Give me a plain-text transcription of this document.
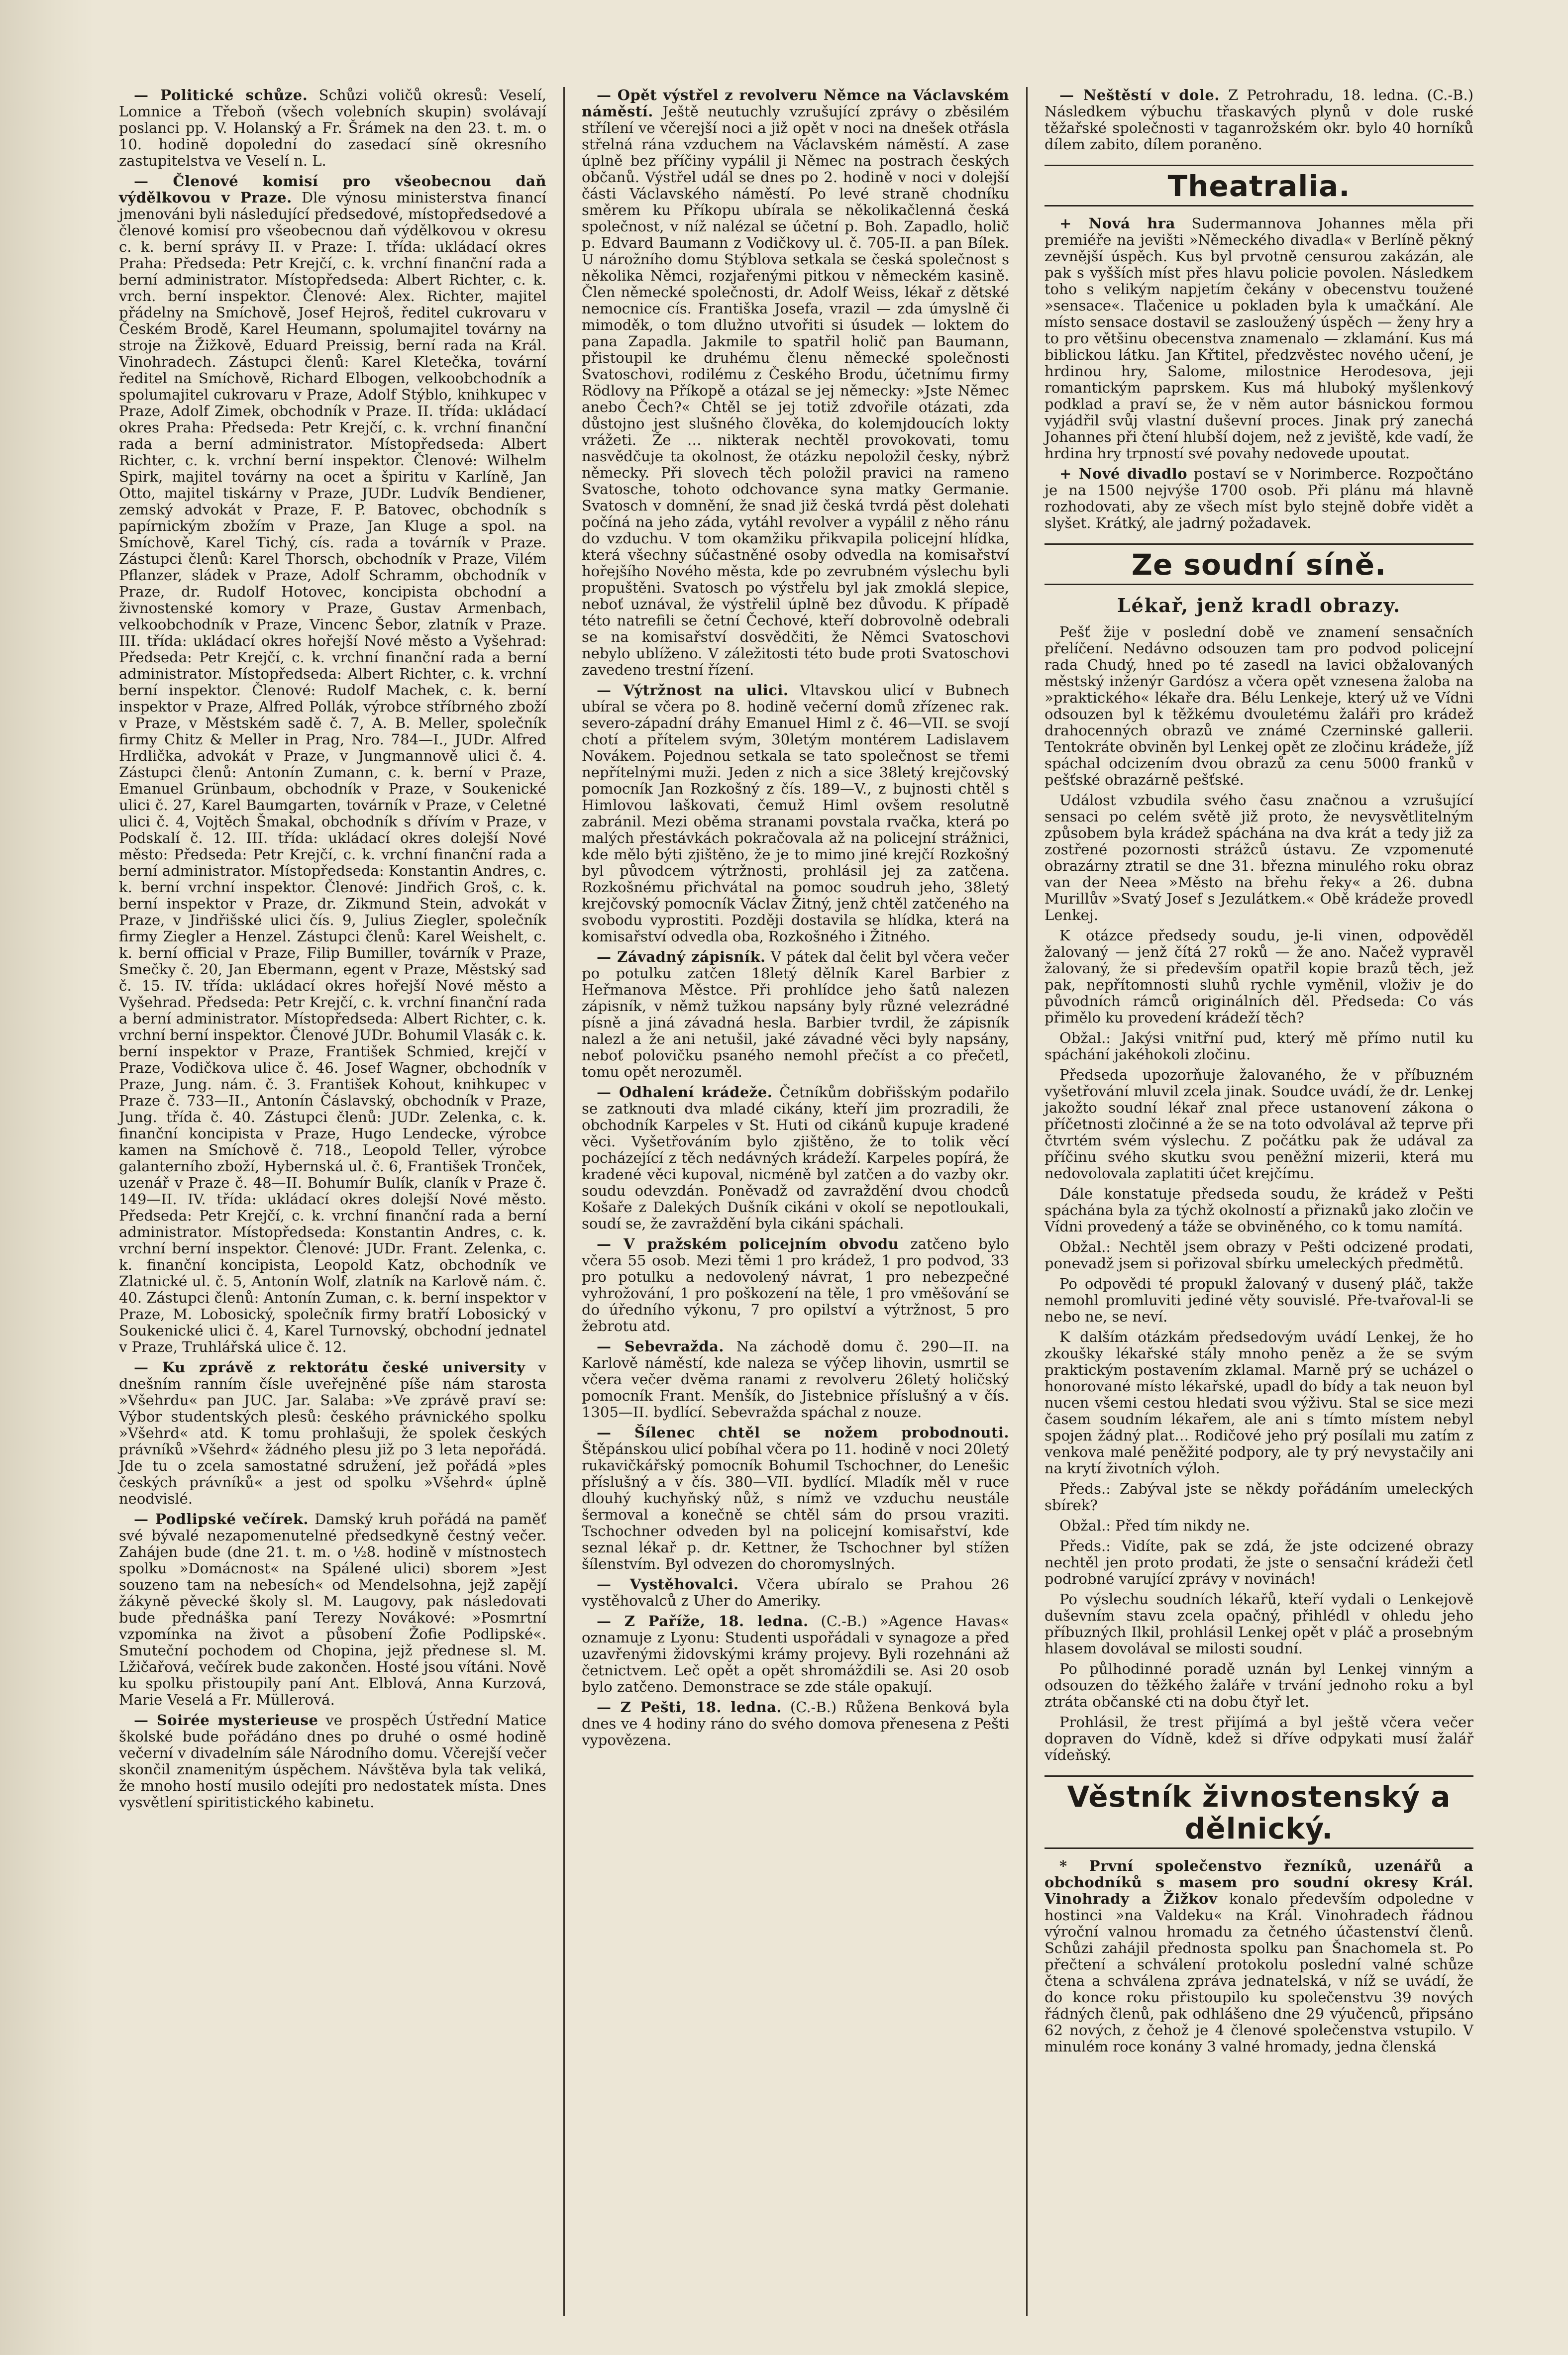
— Politické schůze. Schůzi voličů okresů: Veselí, Lomnice a Třeboň (všech volebních skupin) svolávají poslanci pp. V. Holanský a Fr. Šrámek na den 23. t. m. o 10. hodině dopolední do zasedací síně okresního zastupitelstva ve Veselí n. L.

— Členové komisí pro všeobecnou daň výdělkovou v Praze. Dle výnosu ministerstva financí jmenováni byli následující předsedové, místopředsedové a členové komisí pro všeobecnou daň výdělkovou v okresu c. k. berní správy II. v Praze: I. třída: ukládací okres Praha: Předseda: Petr Krejčí, c. k. vrchní finanční rada a berní administrator. Místopředseda: Albert Richter, c. k. vrch. berní inspektor. Členové: Alex. Richter, majitel přádelny na Smíchově, Josef Hejroš, ředitel cukrovaru v Českém Brodě, Karel Heumann, spolumajitel továrny na stroje na Žižkově, Eduard Preissig, berní rada na Král. Vinohradech. Zástupci členů: Karel Kletečka, tovární ředitel na Smíchově, Richard Elbogen, velkoobchodník a spolumajitel cukrovaru v Praze, Adolf Stýblo, knihkupec v Praze, Adolf Zimek, obchodník v Praze. II. třída: ukládací okres Praha: Předseda: Petr Krejčí, c. k. vrchní finanční rada a berní administrator. Místopředseda: Albert Richter, c. k. vrchní berní inspektor. Členové: Wilhelm Spirk, majitel továrny na ocet a špiritu v Karlíně, Jan Otto, majitel tiskárny v Praze, JUDr. Ludvík Bendiener, zemský advokát v Praze, F. P. Batovec, obchodník s papírnickým zbožím v Praze, Jan Kluge a spol. na Smíchově, Karel Tichý, cís. rada a továrník v Praze. Zástupci členů: Karel Thorsch, obchodník v Praze, Vilém Pflanzer, sládek v Praze, Adolf Schramm, obchodník v Praze, dr. Rudolf Hotovec, koncipista obchodní a živnostenské komory v Praze, Gustav Armenbach, velkoobchodník v Praze, Vincenc Šebor, zlatník v Praze. III. třída: ukládací okres hořejší Nové město a Vyšehrad: Předseda: Petr Krejčí, c. k. vrchní finanční rada a berní administrator. Místopředseda: Albert Richter, c. k. vrchní berní inspektor. Členové: Rudolf Machek, c. k. berní inspektor v Praze, Alfred Pollák, výrobce stříbrného zboží v Praze, v Městském sadě č. 7, A. B. Meller, společník firmy Chitz & Meller in Prag, Nro. 784—I., JUDr. Alfred Hrdlička, advokát v Praze, v Jungmannově ulici č. 4. Zástupci členů: Antonín Zumann, c. k. berní v Praze, Emanuel Grünbaum, obchodník v Praze, v Soukenické ulici č. 27, Karel Baumgarten, továrník v Praze, v Celetné ulici č. 4, Vojtěch Šmakal, obchodník s dřívím v Praze, v Podskalí č. 12. III. třída: ukládací okres dolejší Nové město: Předseda: Petr Krejčí, c. k. vrchní finanční rada a berní administrator. Místopředseda: Konstantin Andres, c. k. berní vrchní inspektor. Členové: Jindřich Groš, c. k. berní inspektor v Praze, dr. Zikmund Stein, advokát v Praze, v Jindřišské ulici čís. 9, Julius Ziegler, společník firmy Ziegler a Henzel. Zástupci členů: Karel Weishelt, c. k. berní official v Praze, Filip Bumiller, továrník v Praze, Smečky č. 20, Jan Ebermann, egent v Praze, Městský sad č. 15. IV. třída: ukládací okres hořejší Nové město a Vyšehrad. Předseda: Petr Krejčí, c. k. vrchní finanční rada a berní administrator. Místopředseda: Albert Richter, c. k. vrchní berní inspektor. Členové JUDr. Bohumil Vlasák c. k. berní inspektor v Praze, František Schmied, krejčí v Praze, Vodičkova ulice č. 46. Josef Wagner, obchodník v Praze, Jung. nám. č. 3. František Kohout, knihkupec v Praze č. 733—II., Antonín Čáslavský, obchodník v Praze, Jung. třída č. 40. Zástupci členů: JUDr. Zelenka, c. k. finanční koncipista v Praze, Hugo Lendecke, výrobce kamen na Smíchově č. 718., Leopold Teller, výrobce galanterního zboží, Hybernská ul. č. 6, František Tronček, uzenář v Praze č. 48—II. Bohumír Bulík, claník v Praze č. 149—II. IV. třída: ukládací okres dolejší Nové město. Předseda: Petr Krejčí, c. k. vrchní finanční rada a berní administrator. Místopředseda: Konstantin Andres, c. k. vrchní berní inspektor. Členové: JUDr. Frant. Zelenka, c. k. finanční koncipista, Leopold Katz, obchodník ve Zlatnické ul. č. 5, Antonín Wolf, zlatník na Karlově nám. č. 40. Zástupci členů: Antonín Zuman, c. k. berní inspektor v Praze, M. Lobosický, společník firmy bratří Lobosický v Soukenické ulici č. 4, Karel Turnovský, obchodní jednatel v Praze, Truhlářská ulice č. 12.

— Ku zprávě z rektorátu české university v dnešním ranním čísle uveřejněné píše nám starosta »Všehrdu« pan JUC. Jar. Salaba: »Ve zprávě praví se: Výbor studentských plesů: českého právnického spolku »Všehrd« atd. K tomu prohlašuji, že spolek českých právníků »Všehrd« žádného plesu již po 3 leta nepořádá. Jde tu o zcela samostatné sdružení, jež pořádá »ples českých právníků« a jest od spolku »Všehrd« úplně neodvislé.

— Podlipské večírek. Damský kruh pořádá na paměť své bývalé nezapomenutelné předsedkyně čestný večer. Zahájen bude (dne 21. t. m. o ½8. hodině v místnostech spolku »Domácnost« na Spálené ulici) sborem »Jest souzeno tam na nebesích« od Mendelsohna, jejž zapějí žákyně pěvecké školy sl. M. Laugovy, pak následovati bude přednáška paní Terezy Novákové: »Posmrtní vzpomínka na život a působení Žofie Podlipské«. Smuteční pochodem od Chopina, jejž přednese sl. M. Lžičařová, večírek bude zakončen. Hosté jsou vítáni. Nově ku spolku přistoupily paní Ant. Elblová, Anna Kurzová, Marie Veselá a Fr. Müllerová.

— Soirée mysterieuse ve prospěch Ústřední Matice školské bude pořádáno dnes po druhé o osmé hodině večerní v divadelním sále Národního domu. Včerejší večer skončil znamenitým úspěchem. Návštěva byla tak veliká, že mnoho hostí musilo odejíti pro nedostatek místa. Dnes vysvětlení spiritistického kabinetu.

— Opět výstřel z revolveru Němce na Václavském náměstí. Ještě neutuchly vzrušující zprávy o zběsilém střílení ve včerejší noci a již opět v noci na dnešek otřásla střelná rána vzduchem na Václavském náměstí. A zase úplně bez příčiny vypálil ji Němec na postrach českých občanů. Výstřel udál se dnes po 2. hodině v noci v dolejší části Václavského náměstí. Po levé straně chodníku směrem ku Příkopu ubírala se několikačlenná česká společnost, v níž nalézal se účetní p. Boh. Zapadlo, holič p. Edvard Baumann z Vodičkovy ul. č. 705-II. a pan Bílek. U nárožního domu Stýblova setkala se česká společnost s několika Němci, rozjařenými pitkou v německém kasině. Člen německé společnosti, dr. Adolf Weiss, lékař z dětské nemocnice cís. Františka Josefa, vrazil — zda úmyslně či mimoděk, o tom dlužno utvořiti si úsudek — loktem do pana Zapadla. Jakmile to spatřil holič pan Baumann, přistoupil ke druhému členu německé společnosti Svatoschovi, rodilému z Českého Brodu, účetnímu firmy Rödlovy na Příkopě a otázal se jej německy: »Jste Němec anebo Čech?« Chtěl se jej totiž zdvořile otázati, zda důstojno jest slušného člověka, do kolemjdoucích lokty vrážeti. Že … nikterak nechtěl provokovati, tomu nasvědčuje ta okolnost, že otázku nepoložil česky, nýbrž německy. Při slovech těch položil pravici na rameno Svatosche, tohoto odchovance syna matky Germanie. Svatosch v domnění, že snad již česká tvrdá pěst dolehati počíná na jeho záda, vytáhl revolver a vypálil z něho ránu do vzduchu. V tom okamžiku přikvapila policejní hlídka, která všechny súčastněné osoby odvedla na komisařství hořejšího Nového města, kde po zevrubném výslechu byli propuštěni. Svatosch po výstřelu byl jak zmoklá slepice, neboť uznával, že výstřelil úplně bez důvodu. K případě této natrefili se četní Čechové, kteří dobrovolně odebrali se na komisařství dosvědčiti, že Němci Svatoschovi nebylo ublíženo. V záležitosti této bude proti Svatoschovi zavedeno trestní řízení.

— Výtržnost na ulici. Vltavskou ulicí v Bubnech ubíral se včera po 8. hodině večerní domů zřízenec rak. severo-západní dráhy Emanuel Himl z č. 46—VII. se svojí chotí a přítelem svým, 30letým montérem Ladislavem Novákem. Pojednou setkala se tato společnost se třemi nepřítelnými muži. Jeden z nich a sice 38letý krejčovský pomocník Jan Rozkošný z čís. 189—V., z bujnosti chtěl s Himlovou laškovati, čemuž Himl ovšem resolutně zabránil. Mezi oběma stranami povstala rvačka, která po malých přestávkách pokračovala až na policejní strážnici, kde mělo býti zjištěno, že je to mimo jiné krejčí Rozkošný byl původcem výtržnosti, prohlásil jej za zatčena. Rozkošnému přichvátal na pomoc soudruh jeho, 38letý krejčovský pomocník Václav Žitný, jenž chtěl zatčeného na svobodu vyprostiti. Později dostavila se hlídka, která na komisařství odvedla oba, Rozkošného i Žitného.

— Závadný zápisník. V pátek dal čelit byl včera večer po potulku zatčen 18letý dělník Karel Barbier z Heřmanova Městce. Při prohlídce jeho šatů nalezen zápisník, v němž tužkou napsány byly různé velezrádné písně a jiná závadná hesla. Barbier tvrdil, že zápisník nalezl a že ani netušil, jaké závadné věci byly napsány, neboť polovičku psaného nemohl přečíst a co přečetl, tomu opět nerozuměl.

— Odhalení krádeže. Četníkům dobřišským podařilo se zatknouti dva mladé cikány, kteří jim prozradili, že obchodník Karpeles v St. Huti od cikánů kupuje kradené věci. Vyšetřováním bylo zjištěno, že to tolik věcí pocházející z těch nedávných krádeží. Karpeles popírá, že kradené věci kupoval, nicméně byl zatčen a do vazby okr. soudu odevzdán. Poněvadž od zavraždění dvou chodců Košaře z Dalekých Dušník cikáni v okolí se nepotloukali, soudí se, že zavraždění byla cikáni spáchali.

— V pražském policejním obvodu zatčeno bylo včera 55 osob. Mezi těmi 1 pro krádež, 1 pro podvod, 33 pro potulku a nedovolený návrat, 1 pro nebezpečné vyhrožování, 1 pro poškození na těle, 1 pro vměšování se do úředního výkonu, 7 pro opilství a výtržnost, 5 pro žebrotu atd.

— Sebevražda. Na záchodě domu č. 290—II. na Karlově náměstí, kde naleza se výčep lihovin, usmrtil se včera večer dvěma ranami z revolveru 26letý holičský pomocník Frant. Menšík, do Jistebnice příslušný a v čís. 1305—II. bydlící. Sebevražda spáchal z nouze.

— Šílenec chtěl se nožem probodnouti. Štěpánskou ulicí pobíhal včera po 11. hodině v noci 20letý rukavičkářský pomocník Bohumil Tschochner, do Lenešic příslušný a v čís. 380—VII. bydlící. Mladík měl v ruce dlouhý kuchyňský nůž, s nímž ve vzduchu neustále šermoval a konečně se chtěl sám do prsou vraziti. Tschochner odveden byl na policejní komisařství, kde seznal lékař p. dr. Kettner, že Tschochner byl stížen šílenstvím. Byl odvezen do choromyslných.

— Vystěhovalci. Včera ubíralo se Prahou 26 vystěhovalců z Uher do Ameriky.

— Z Paříže, 18. ledna. (C.-B.) »Agence Havas« oznamuje z Lyonu: Studenti uspořádali v synagoze a před uzavřenými židovskými krámy projevy. Byli rozehnáni až četnictvem. Leč opět a opět shromáždili se. Asi 20 osob bylo zatčeno. Demonstrace se zde stále opakují.

— Z Pešti, 18. ledna. (C.-B.) Růžena Benková byla dnes ve 4 hodiny ráno do svého domova přenesena z Pešti vypovězena.

— Neštěstí v dole. Z Petrohradu, 18. ledna. (C.-B.) Následkem výbuchu třaskavých plynů v dole ruské těžařské společnosti v taganrožském okr. bylo 40 horníků dílem zabito, dílem poraněno.

Theatralia.

+ Nová hra Sudermannova Johannes měla při premiéře na jevišti »Německého divadla« v Berlíně pěkný zevnější úspěch. Kus byl prvotně censurou zakázán, ale pak s vyšších míst přes hlavu policie povolen. Následkem toho s velikým napjetím čekány v obecenstvu toužené »sensace«. Tlačenice u pokladen byla k umačkání. Ale místo sensace dostavil se zasloužený úspěch — ženy hry a to pro většinu obecenstva znamenalo — zklamání. Kus má biblickou látku. Jan Křtitel, předzvěstec nového učení, je hrdinou hry, Salome, milostnice Herodesova, jeji romantickým paprskem. Kus má hluboký myšlenkový podklad a praví se, že v něm autor básnickou formou vyjádřil svůj vlastní duševní proces. Jinak prý zanechá Johannes při čtení hlubší dojem, než z jeviště, kde vadí, že hrdina hry trpností své povahy nedovede upoutat.

+ Nové divadlo postaví se v Norimberce. Rozpočtáno je na 1500 nejvýše 1700 osob. Při plánu má hlavně rozhodovati, aby ze všech míst bylo stejně dobře vidět a slyšet. Krátký, ale jadrný požadavek.

Ze soudní síně.
Lékař, jenž kradl obrazy.

Pešť žije v poslední době ve znamení sensačních přelíčení. Nedávno odsouzen tam pro podvod policejní rada Chudý, hned po té zasedl na lavici obžalovaných městský inženýr Gardósz a včera opět vznesena žaloba na »praktického« lékaře dra. Bélu Lenkeje, který už ve Vídni odsouzen byl k těžkému dvouletému žaláři pro krádež drahocenných obrazů ve známé Czerninské gallerii. Tentokráte obviněn byl Lenkej opět ze zločinu krádeže, jíž spáchal odcizením dvou obrazů za cenu 5000 franků v pešťské obrazárně pešťské.

Událost vzbudila svého času značnou a vzrušující sensaci po celém světě již proto, že nevysvětlitelným způsobem byla krádež spáchána na dva krát a tedy již za zostřené pozornosti strážců ústavu. Ze vzpomenuté obrazárny ztratil se dne 31. března minulého roku obraz van der Neea »Město na břehu řeky« a 26. dubna Murillův »Svatý Josef s Jezulátkem.« Obě krádeže provedl Lenkej.

K otázce předsedy soudu, je-li vinen, odpověděl žalovaný — jenž čítá 27 roků — že ano. Načež vypravěl žalovaný, že si především opatřil kopie brazů těch, jež pak, nepřítomnosti sluhů rychle vyměnil, vloživ je do původních rámců originálních děl. Předseda: Co vás přimělo ku provedení krádeží těch?

Obžal.: Jakýsi vnitřní pud, který mě přímo nutil ku spáchání jakéhokoli zločinu.

Předseda upozorňuje žalovaného, že v příbuzném vyšetřování mluvil zcela jinak. Soudce uvádí, že dr. Lenkej jakožto soudní lékař znal přece ustanovení zákona o příčetnosti zločinné a že se na toto odvolával až teprve při čtvrtém svém výslechu. Z počátku pak že udával za příčinu svého skutku svou peněžní mizerii, která mu nedovolovala zaplatiti účet krejčímu.

Dále konstatuje předseda soudu, že krádež v Pešti spáchána byla za týchž okolností a přiznaků jako zločin ve Vídni provedený a táže se obviněného, co k tomu namítá.

Obžal.: Nechtěl jsem obrazy v Pešti odcizené prodati, ponevadž jsem si pořizoval sbírku umeleckých předmětů.

Po odpovědi té propukl žalovaný v dusený pláč, takže nemohl promluviti jediné věty souvislé. Pře-tvařoval-li se nebo ne, se neví.

K dalším otázkám předsedovým uvádí Lenkej, že ho zkoušky lékařské stály mnoho peněz a že se svým praktickým postavením zklamal. Marně prý se ucházel o honorované místo lékařské, upadl do bídy a tak neuon byl nucen všemi cestou hledati svou výživu. Stal se sice mezi časem soudním lékařem, ale ani s tímto místem nebyl spojen žádný plat… Rodičové jeho prý posílali mu zatím z venkova malé peněžité podpory, ale ty prý nevystačily ani na krytí životních výloh.

Předs.: Zabýval jste se někdy pořádáním umeleckých sbírek?

Obžal.: Před tím nikdy ne.

Předs.: Vidíte, pak se zdá, že jste odcizené obrazy nechtěl jen proto prodati, že jste o sensační krádeži četl podrobné varující zprávy v novinách!

Po výslechu soudních lékařů, kteří vydali o Lenkejově duševním stavu zcela opačný, přihlédl v ohledu jeho příbuzných Ilkil, prohlásil Lenkej opět v pláč a prosebným hlasem dovolával se milosti soudní.

Po půlhodinné poradě uznán byl Lenkej vinným a odsouzen do těžkého žaláře v trvání jednoho roku a byl ztráta občanské cti na dobu čtyř let.

Prohlásil, že trest přijímá a byl ještě včera večer dopraven do Vídně, kdež si dříve odpykati musí žalář vídeňský.

Věstník živnostenský a dělnický.

* První společenstvo řezníků, uzenářů a obchodníků s masem pro soudní okresy Král. Vinohrady a Žižkov konalo především odpoledne v hostinci »na Valdeku« na Král. Vinohradech řádnou výroční valnou hromadu za četného účastenství členů. Schůzi zahájil přednosta spolku pan Šnachomela st. Po přečtení a schválení protokolu poslední valné schůze čtena a schválena zpráva jednatelská, v níž se uvádí, že do konce roku přistoupilo ku společenstvu 39 nových řádných členů, pak odhlášeno dne 29 výučenců, připsáno 62 nových, z čehož je 4 členové společenstva vstupilo. V minulém roce konány 3 valné hromady, jedna členská
